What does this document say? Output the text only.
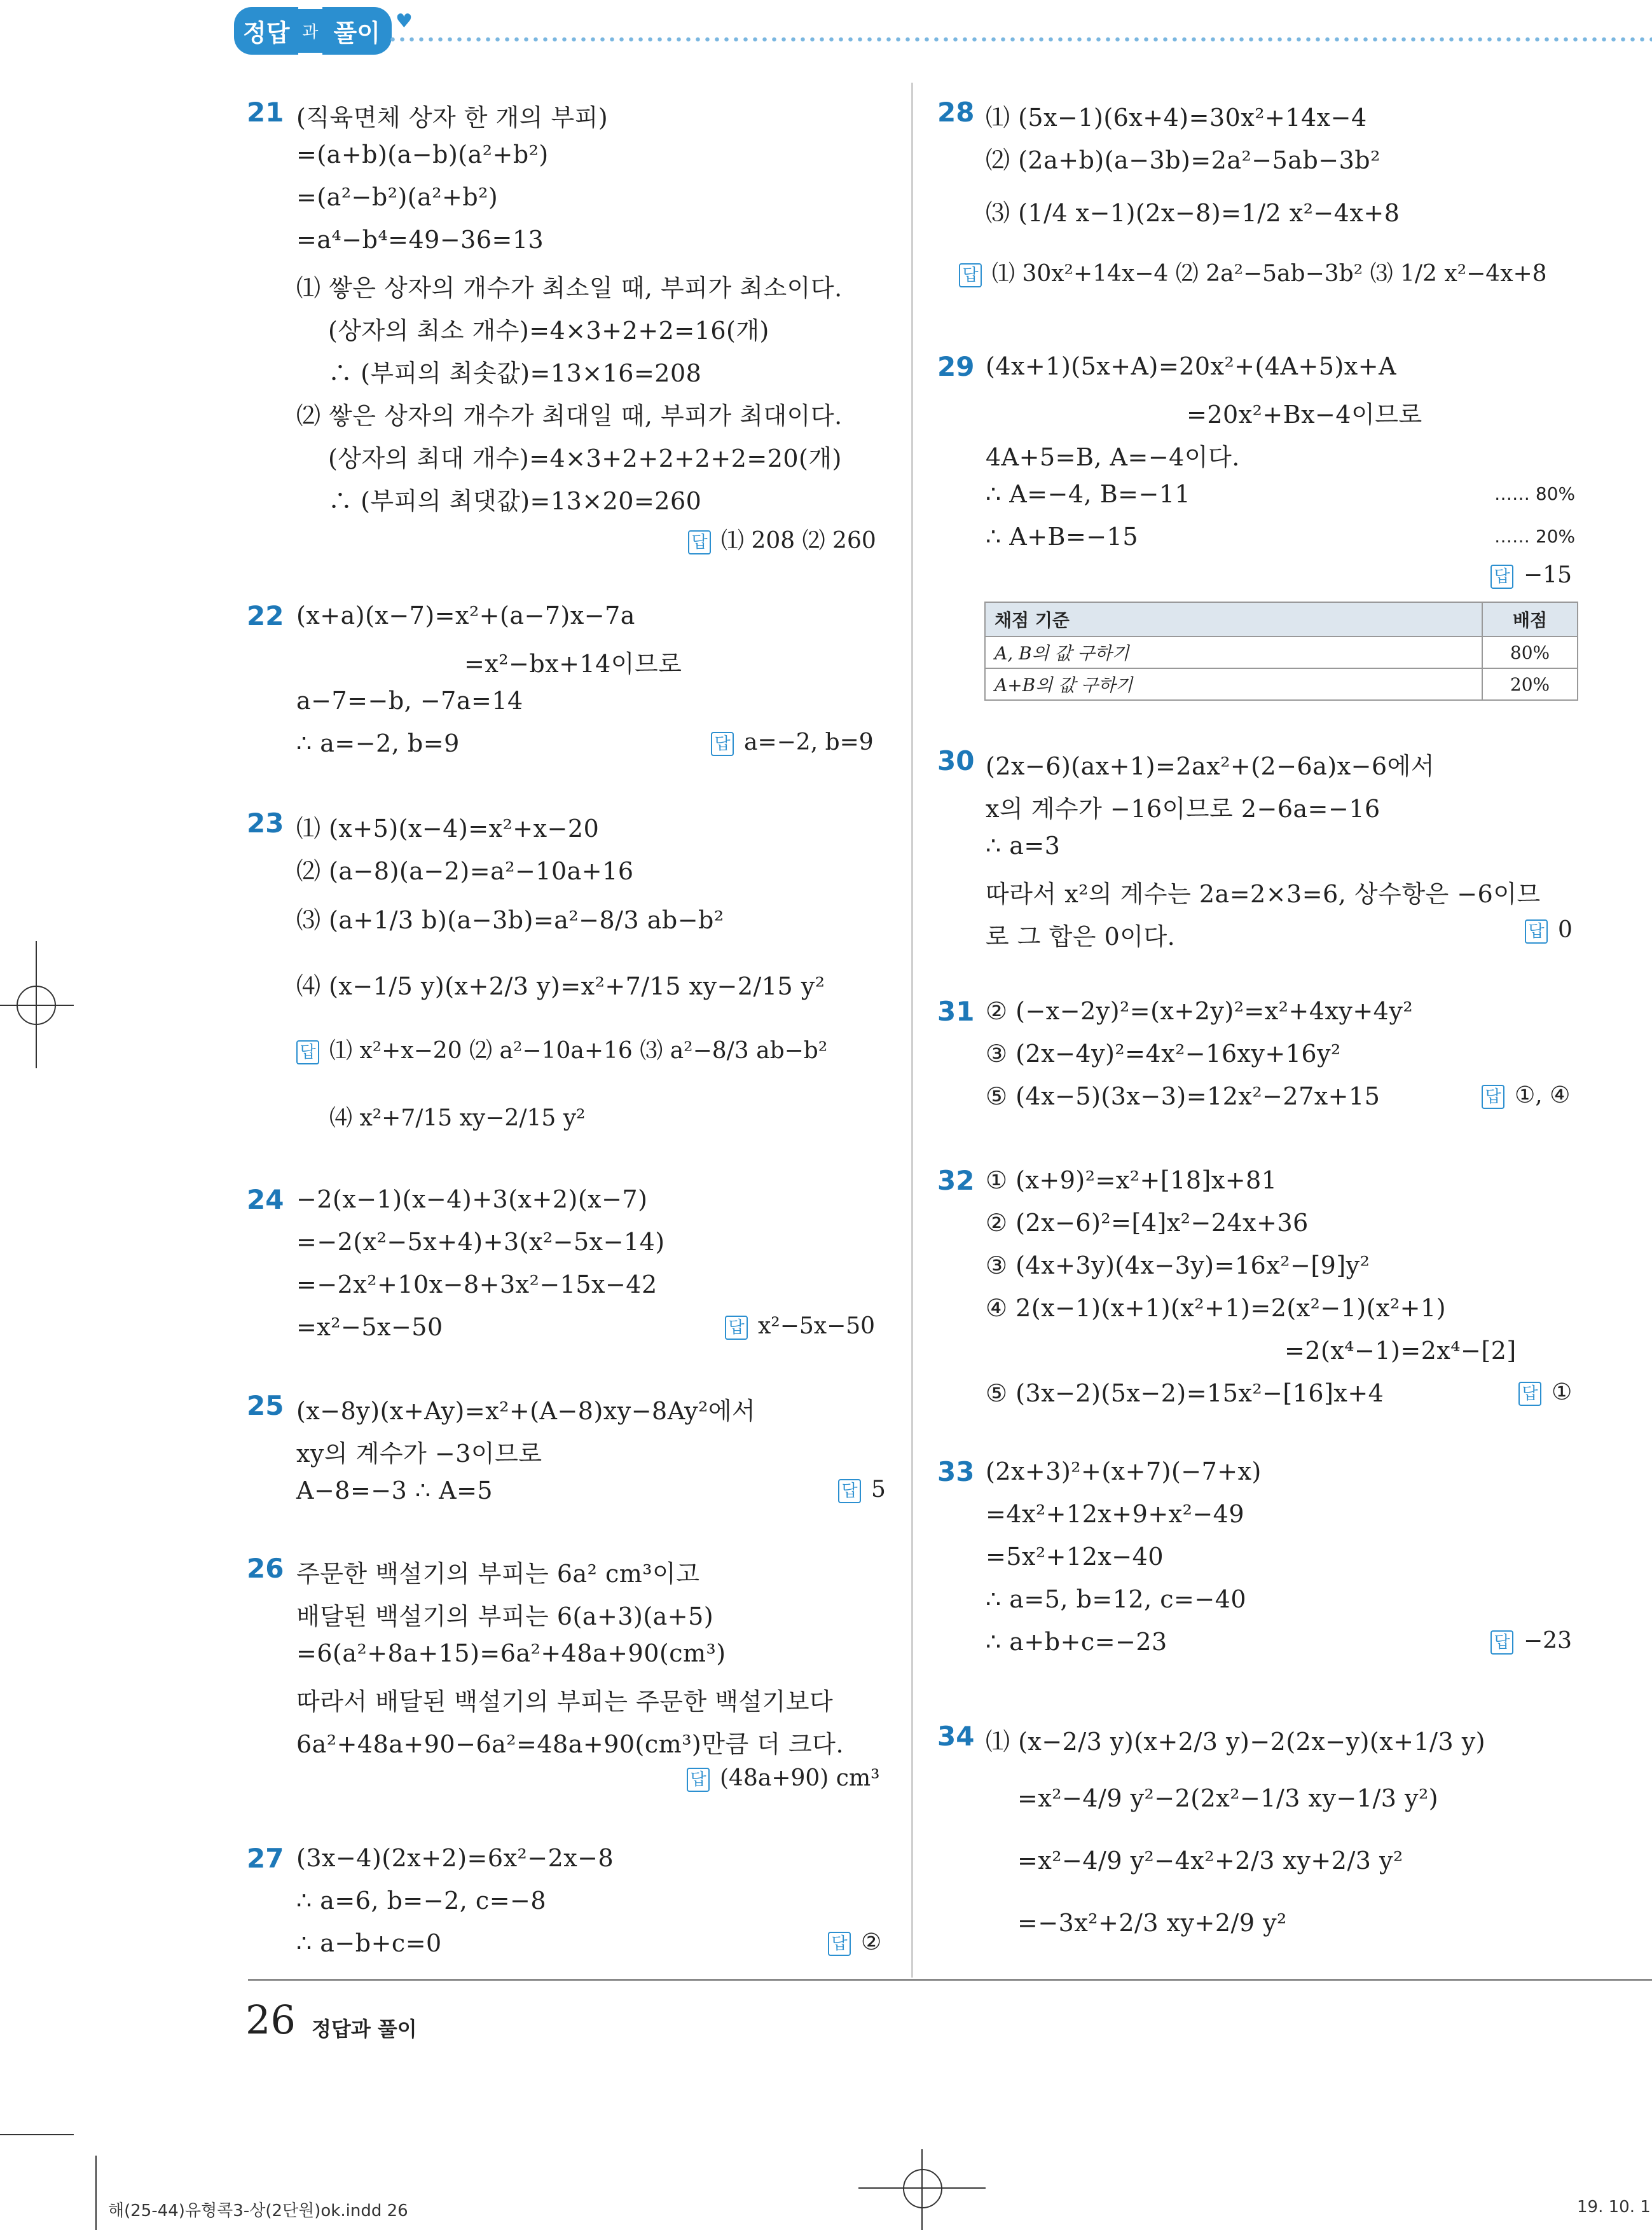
정답 과 풀이 ♥
21 (직육면체 상자 한 개의 부피)
=(a+b)(a−b)(a²+b²)
=(a²−b²)(a²+b²)
=a⁴−b⁴=49−36=13
⑴ 쌓은 상자의 개수가 최소일 때, 부피가 최소이다.
(상자의 최소 개수)=4×3+2+2=16(개)
∴ (부피의 최솟값)=13×16=208
⑵ 쌓은 상자의 개수가 최대일 때, 부피가 최대이다.
(상자의 최대 개수)=4×3+2+2+2+2=20(개)
∴ (부피의 최댓값)=13×20=260
답 ⑴ 208 ⑵ 260
22 (x+a)(x−7)=x²+(a−7)x−7a
=x²−bx+14이므로
a−7=−b, −7a=14
∴ a=−2, b=9	답 a=−2, b=9
23 ⑴ (x+5)(x−4)=x²+x−20
⑵ (a−8)(a−2)=a²−10a+16
⑶ (a+1/3 b)(a−3b)=a²−8/3 ab−b²
⑷ (x−1/5 y)(x+2/3 y)=x²+7/15 xy−2/15 y²
답 ⑴ x²+x−20 ⑵ a²−10a+16 ⑶ a²−8/3 ab−b²
⑷ x²+7/15 xy−2/15 y²
24 −2(x−1)(x−4)+3(x+2)(x−7)
=−2(x²−5x+4)+3(x²−5x−14)
=−2x²+10x−8+3x²−15x−42
=x²−5x−50	답 x²−5x−50
25 (x−8y)(x+Ay)=x²+(A−8)xy−8Ay²에서
xy의 계수가 −3이므로
A−8=−3 ∴ A=5	답 5
26 주문한 백설기의 부피는 6a² cm³이고
배달된 백설기의 부피는 6(a+3)(a+5)
=6(a²+8a+15)=6a²+48a+90(cm³)
따라서 배달된 백설기의 부피는 주문한 백설기보다
6a²+48a+90−6a²=48a+90(cm³)만큼 더 크다.
답 (48a+90) cm³
27 (3x−4)(2x+2)=6x²−2x−8
∴ a=6, b=−2, c=−8
∴ a−b+c=0	답 ②
28 ⑴ (5x−1)(6x+4)=30x²+14x−4
⑵ (2a+b)(a−3b)=2a²−5ab−3b²
⑶ (1/4 x−1)(2x−8)=1/2 x²−4x+8
답 ⑴ 30x²+14x−4 ⑵ 2a²−5ab−3b² ⑶ 1/2 x²−4x+8
29 (4x+1)(5x+A)=20x²+(4A+5)x+A
=20x²+Bx−4이므로
4A+5=B, A=−4이다.
∴ A=−4, B=−11	…… 80%
∴ A+B=−15	…… 20%
답 −15
채점 기준	배점
A, B의 값 구하기	80%
A+B의 값 구하기	20%
30 (2x−6)(ax+1)=2ax²+(2−6a)x−6에서
x의 계수가 −16이므로 2−6a=−16
∴ a=3
따라서 x²의 계수는 2a=2×3=6, 상수항은 −6이므
로 그 합은 0이다.	답 0
31 ② (−x−2y)²=(x+2y)²=x²+4xy+4y²
③ (2x−4y)²=4x²−16xy+16y²
⑤ (4x−5)(3x−3)=12x²−27x+15	답 ①, ④
32 ① (x+9)²=x²+[18]x+81
② (2x−6)²=[4]x²−24x+36
③ (4x+3y)(4x−3y)=16x²−[9]y²
④ 2(x−1)(x+1)(x²+1)=2(x²−1)(x²+1)
=2(x⁴−1)=2x⁴−[2]
⑤ (3x−2)(5x−2)=15x²−[16]x+4	답 ①
33 (2x+3)²+(x+7)(−7+x)
=4x²+12x+9+x²−49
=5x²+12x−40
∴ a=5, b=12, c=−40
∴ a+b+c=−23	답 −23
34 ⑴ (x−2/3 y)(x+2/3 y)−2(2x−y)(x+1/3 y)
=x²−4/9 y²−2(2x²−1/3 xy−1/3 y²)
=x²−4/9 y²−4x²+2/3 xy+2/3 y²
=−3x²+2/3 xy+2/9 y²
26 정답과 풀이
해(25-44)유형콕3-상(2단원)ok.indd 26	19. 10. 1
